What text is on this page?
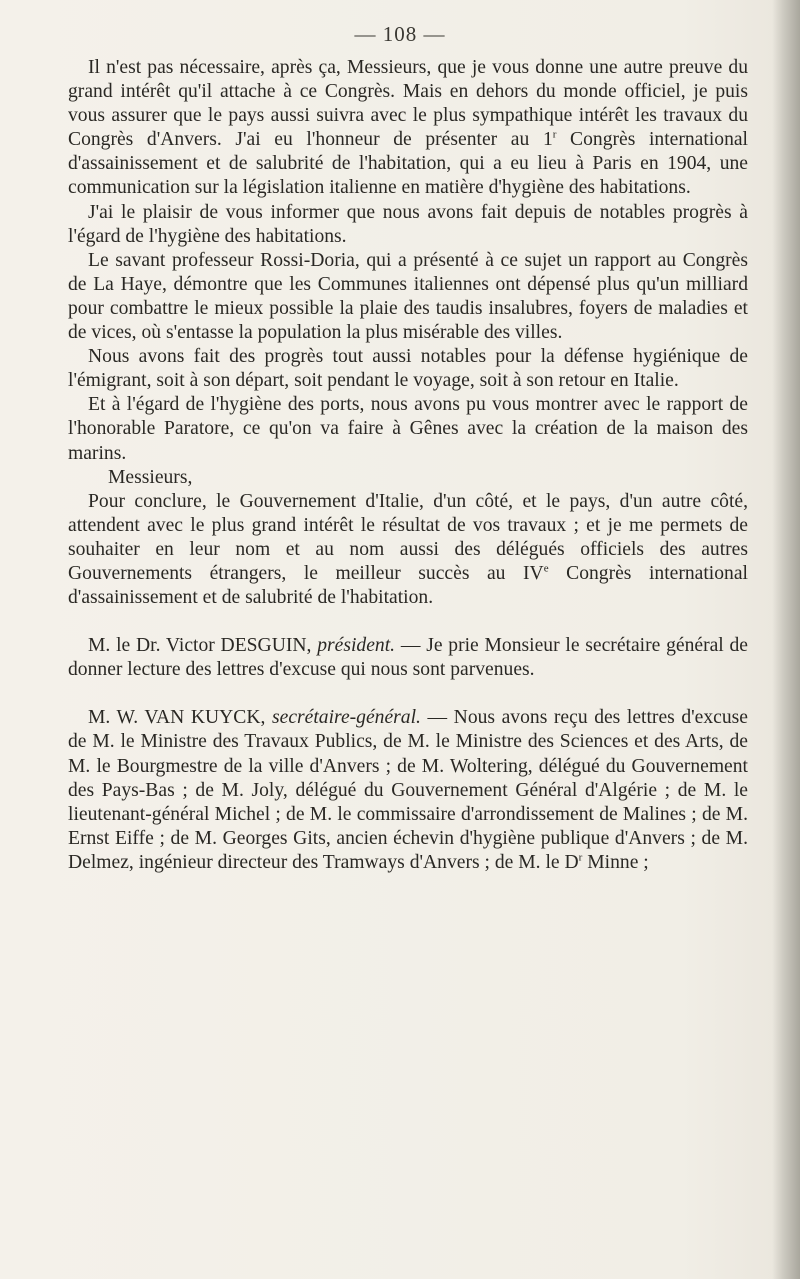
— 108 —

Il n'est pas nécessaire, après ça, Messieurs, que je vous donne une autre preuve du grand intérêt qu'il attache à ce Congrès. Mais en dehors du monde officiel, je puis vous assurer que le pays aussi suivra avec le plus sympathique intérêt les travaux du Congrès d'Anvers. J'ai eu l'honneur de présenter au 1$^r$ Congrès international d'assainissement et de salubrité de l'habitation, qui a eu lieu à Paris en 1904, une communication sur la législation italienne en matière d'hygiène des habitations.

J'ai le plaisir de vous informer que nous avons fait depuis de notables progrès à l'égard de l'hygiène des habitations.

Le savant professeur Rossi-Doria, qui a présenté à ce sujet un rapport au Congrès de La Haye, démontre que les Communes italiennes ont dépensé plus qu'un milliard pour combattre le mieux possible la plaie des taudis insalubres, foyers de maladies et de vices, où s'entasse la population la plus misérable des villes.

Nous avons fait des progrès tout aussi notables pour la défense hygiénique de l'émigrant, soit à son départ, soit pendant le voyage, soit à son retour en Italie.

Et à l'égard de l'hygiène des ports, nous avons pu vous montrer avec le rapport de l'honorable Paratore, ce qu'on va faire à Gênes avec la création de la maison des marins.

Messieurs,

Pour conclure, le Gouvernement d'Italie, d'un côté, et le pays, d'un autre côté, attendent avec le plus grand intérêt le résultat de vos travaux ; et je me permets de souhaiter en leur nom et au nom aussi des délégués officiels des autres Gouvernements étrangers, le meilleur succès au IVe Congrès international d'assainissement et de salubrité de l'habitation.

M. le Dr. Victor DESGUIN, président. — Je prie Monsieur le secrétaire général de donner lecture des lettres d'excuse qui nous sont parvenues.

M. W. VAN KUYCK, secrétaire-général. — Nous avons reçu des lettres d'excuse de M. le Ministre des Travaux Publics, de M. le Ministre des Sciences et des Arts, de M. le Bourgmestre de la ville d'Anvers ; de M. Woltering, délégué du Gouvernement des Pays-Bas ; de M. Joly, délégué du Gouvernement Général d'Algérie ; de M. le lieutenant-général Michel ; de M. le commissaire d'arrondissement de Malines ; de M. Ernst Eiffe ; de M. Georges Gits, ancien échevin d'hygiène publique d'Anvers ; de M. Delmez, ingénieur directeur des Tramways d'Anvers ; de M. le $D^r$ Minne ;
